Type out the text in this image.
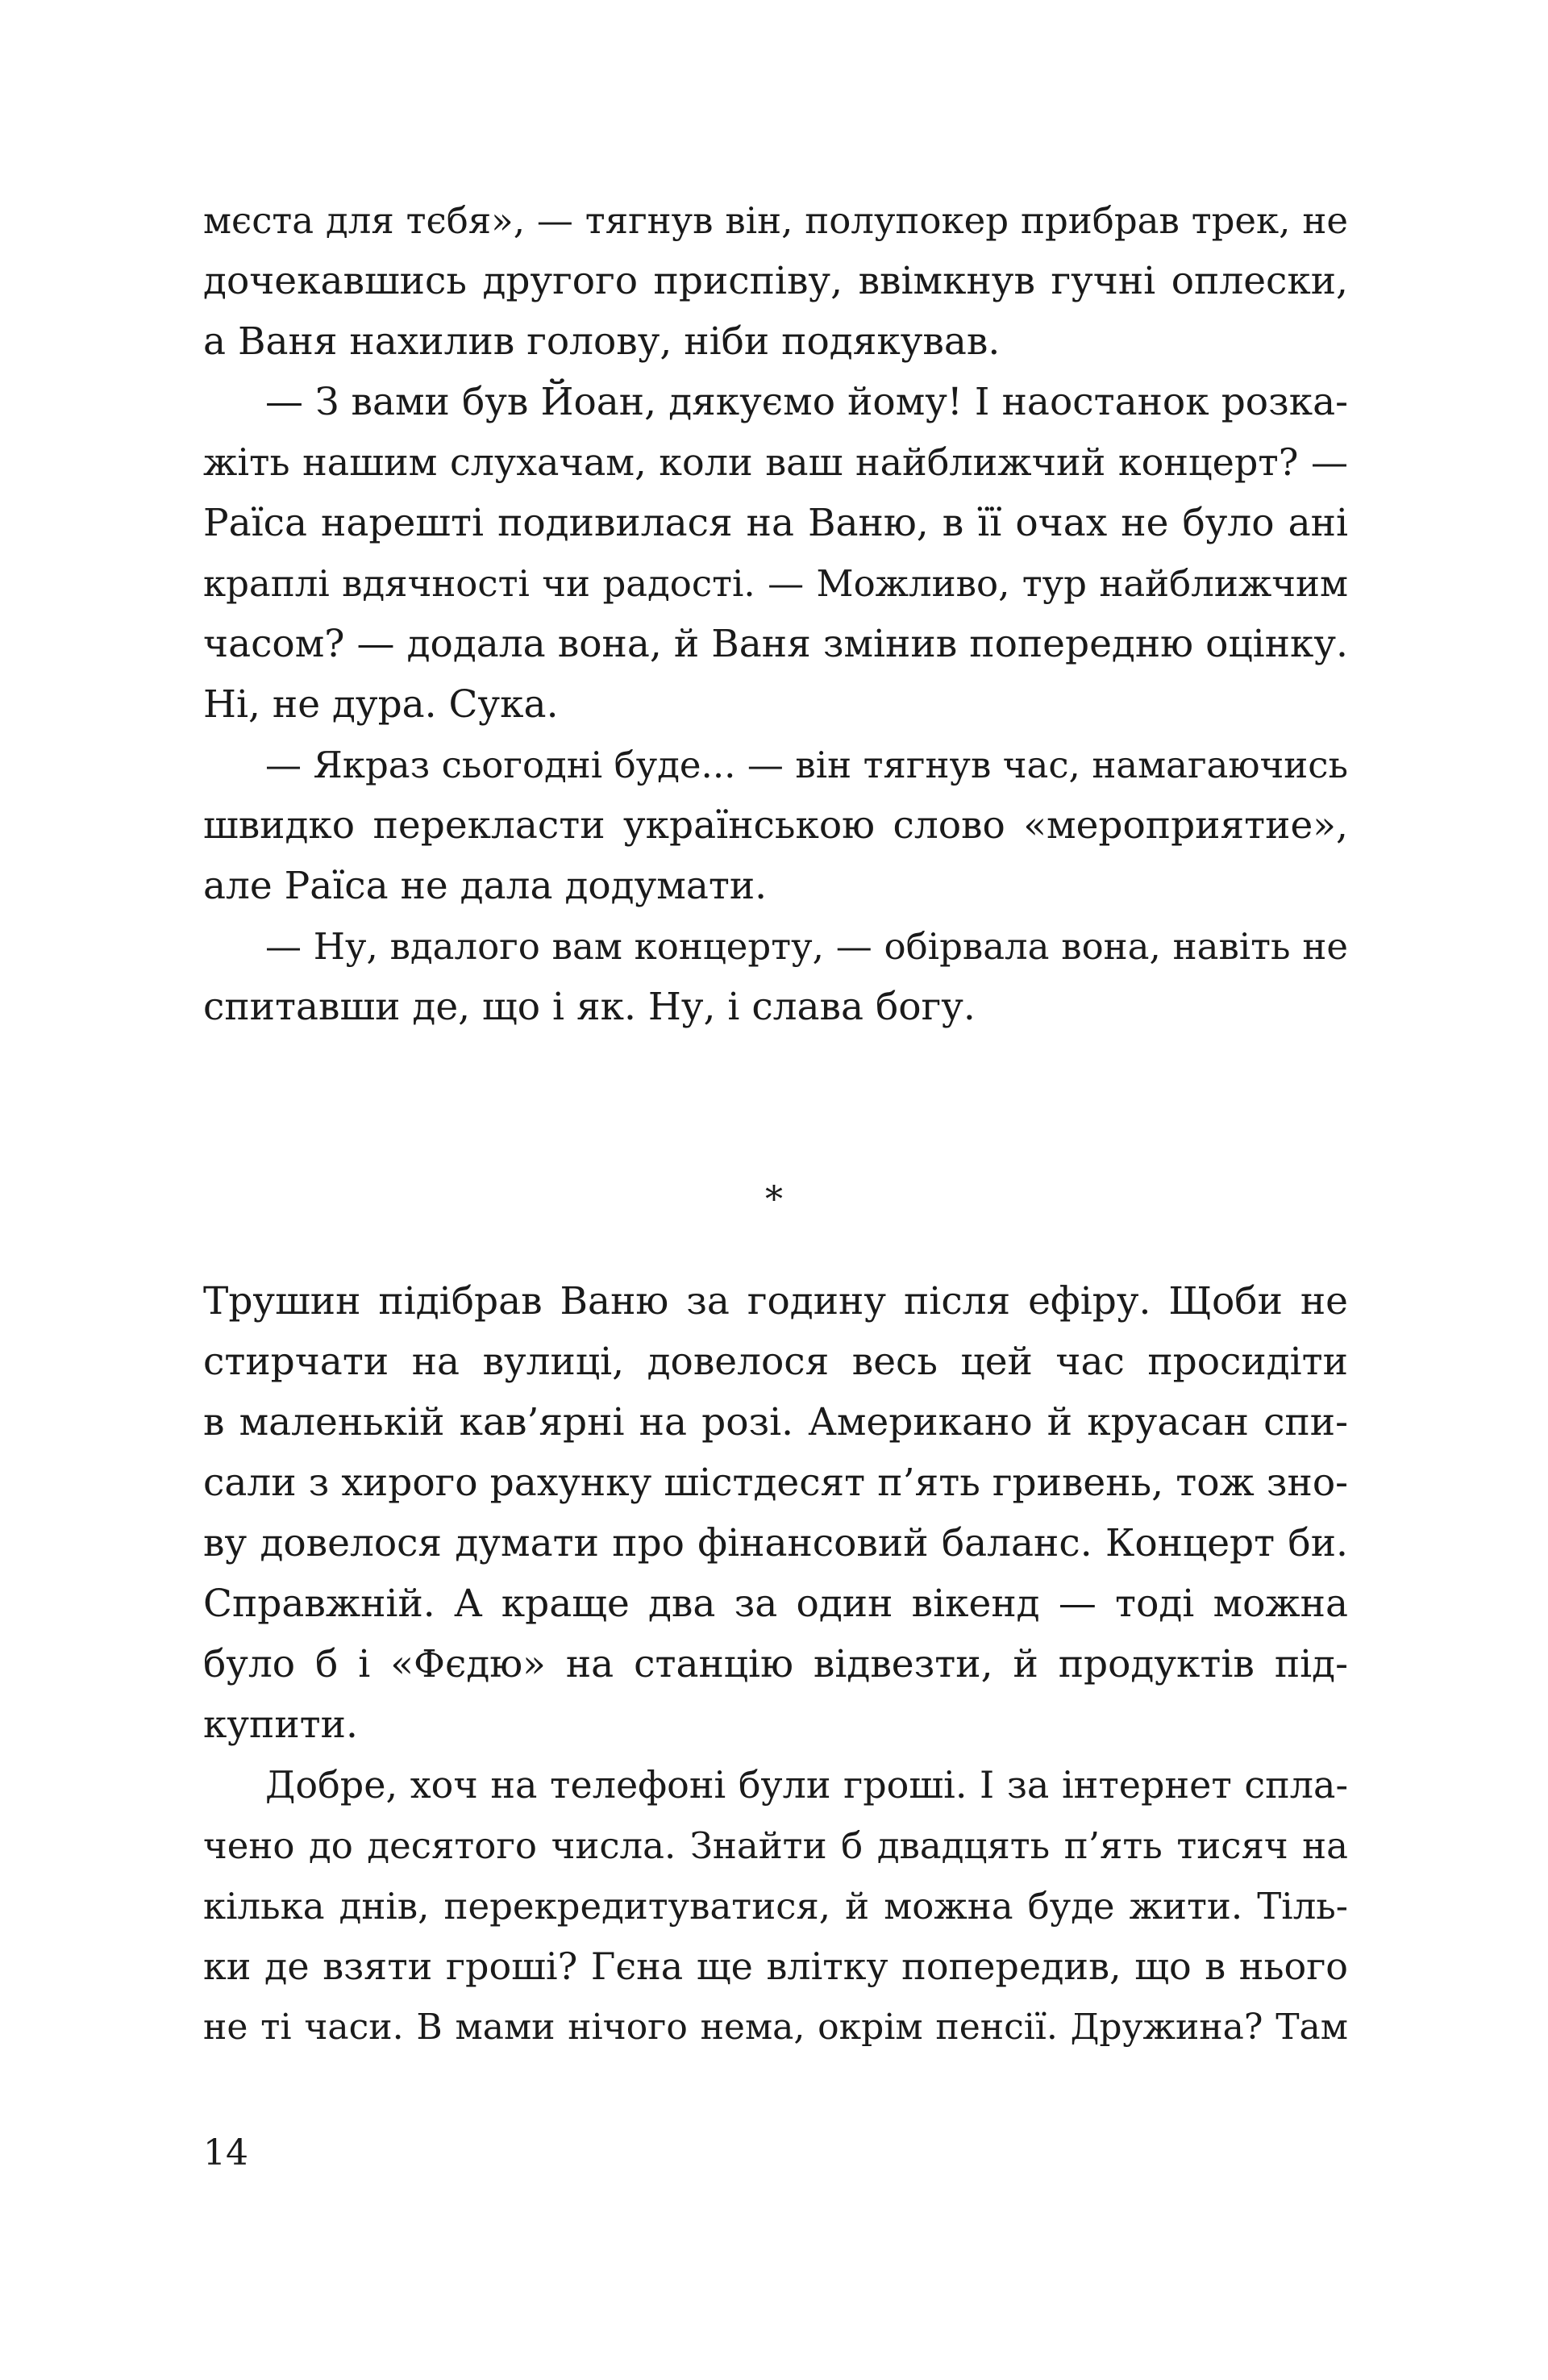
мєста для тєбя», — тягнув він, полупокер прибрав трек, не
дочекавшись другого приспіву, ввімкнув гучні оплески,
а Ваня нахилив голову, ніби подякував.
— З вами був Йоан, дякуємо йому! І наостанок розка-
жіть нашим слухачам, коли ваш найближчий концерт? —
Раїса нарешті подивилася на Ваню, в її очах не було ані
краплі вдячності чи радості. — Можливо, тур найближчим
часом? — додала вона, й Ваня змінив попередню оцінку.
Ні, не дура. Сука.
— Якраз сьогодні буде... — він тягнув час, намагаючись
швидко перекласти українською слово «мероприятие»,
але Раїса не дала додумати.
— Ну, вдалого вам концерту, — обірвала вона, навіть не
спитавши де, що і як. Ну, і слава богу.
*
Трушин підібрав Ваню за годину після ефіру. Щоби не
стирчати на вулиці, довелося весь цей час просидіти
в маленькій кав’ярні на розі. Американо й круасан спи-
сали з хирого рахунку шістдесят п’ять гривень, тож зно-
ву довелося думати про фінансовий баланс. Концерт би.
Справжній. А краще два за один вікенд — тоді можна
було б і «Фєдю» на станцію відвезти, й продуктів під-
купити.
Добре, хоч на телефоні були гроші. І за інтернет спла-
чено до десятого числа. Знайти б двадцять п’ять тисяч на
кілька днів, перекредитуватися, й можна буде жити. Тіль-
ки де взяти гроші? Гєна ще влітку попередив, що в нього
не ті часи. В мами нічого нема, окрім пенсії. Дружина? Там
14
